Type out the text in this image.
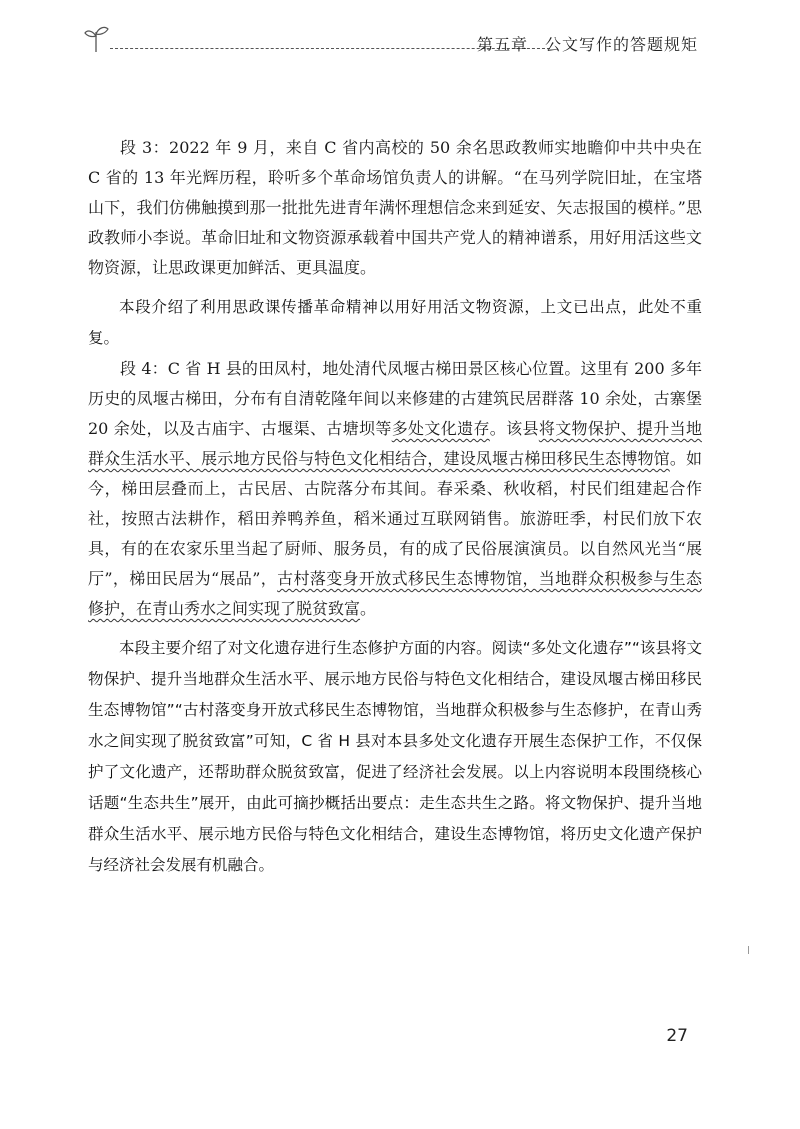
第五章　公文写作的答题规矩

段 3：2022 年 9 月，来自 C 省内高校的 50 余名思政教师实地瞻仰中共中央在 C 省的 13 年光辉历程，聆听多个革命场馆负责人的讲解。“在马列学院旧址，在宝塔山下，我们仿佛触摸到那一批批先进青年满怀理想信念来到延安、矢志报国的模样。”思政教师小李说。革命旧址和文物资源承载着中国共产党人的精神谱系，用好用活这些文物资源，让思政课更加鲜活、更具温度。

本段介绍了利用思政课传播革命精神以用好用活文物资源，上文已出点，此处不重复。

段 4：C 省 H 县的田凤村，地处清代凤堰古梯田景区核心位置。这里有 200 多年历史的凤堰古梯田，分布有自清乾隆年间以来修建的古建筑民居群落 10 余处，古寨堡 20 余处，以及古庙宇、古堰渠、古塘坝等多处文化遗存。该县将文物保护、提升当地群众生活水平、展示地方民俗与特色文化相结合，建设凤堰古梯田移民生态博物馆。如今，梯田层叠而上，古民居、古院落分布其间。春采桑、秋收稻，村民们组建起合作社，按照古法耕作，稻田养鸭养鱼，稻米通过互联网销售。旅游旺季，村民们放下农具，有的在农家乐里当起了厨师、服务员，有的成了民俗展演演员。以自然风光当“展厅”，梯田民居为“展品”，古村落变身开放式移民生态博物馆，当地群众积极参与生态修护，在青山秀水之间实现了脱贫致富。

本段主要介绍了对文化遗存进行生态修护方面的内容。阅读“多处文化遗存”“该县将文物保护、提升当地群众生活水平、展示地方民俗与特色文化相结合，建设凤堰古梯田移民生态博物馆”“古村落变身开放式移民生态博物馆，当地群众积极参与生态修护，在青山秀水之间实现了脱贫致富”可知，C 省 H 县对本县多处文化遗存开展生态保护工作，不仅保护了文化遗产，还帮助群众脱贫致富，促进了经济社会发展。以上内容说明本段围绕核心话题“生态共生”展开，由此可摘抄概括出要点：走生态共生之路。将文物保护、提升当地群众生活水平、展示地方民俗与特色文化相结合，建设生态博物馆，将历史文化遗产保护与经济社会发展有机融合。

27
